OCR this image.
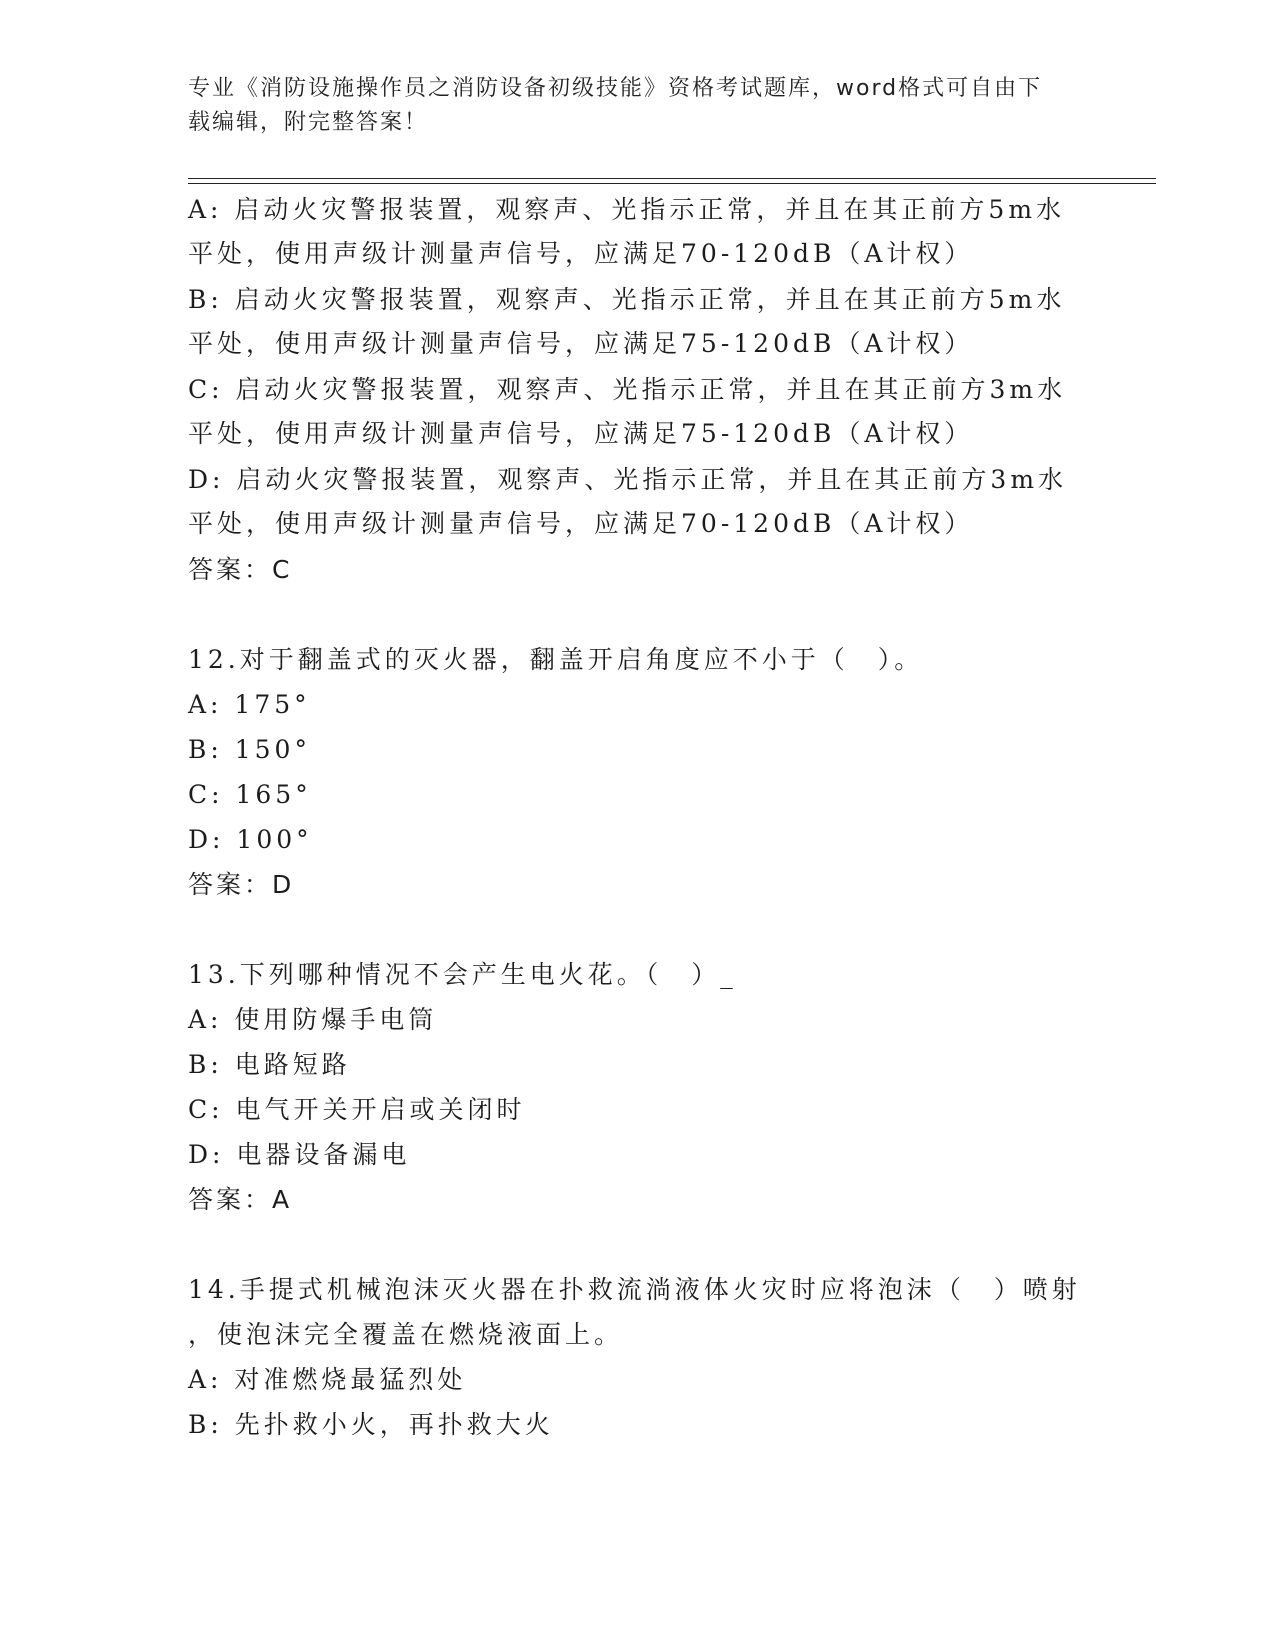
专业《消防设施操作员之消防设备初级技能》资格考试题库，word格式可自由下
载编辑，附完整答案！
A: 启动火灾警报装置，观察声、光指示正常，并且在其正前方5m水
平处，使用声级计测量声信号，应满足70-120dB（A计权）
B: 启动火灾警报装置，观察声、光指示正常，并且在其正前方5m水
平处，使用声级计测量声信号，应满足75-120dB（A计权）
C: 启动火灾警报装置，观察声、光指示正常，并且在其正前方3m水
平处，使用声级计测量声信号，应满足75-120dB（A计权）
D: 启动火灾警报装置，观察声、光指示正常，并且在其正前方3m水
平处，使用声级计测量声信号，应满足70-120dB（A计权）
答案：C
12.对于翻盖式的灭火器，翻盖开启角度应不小于（　）。
A: 175°
B: 150°
C: 165°
D: 100°
答案：D
13.下列哪种情况不会产生电火花。（　）_
A: 使用防爆手电筒
B: 电路短路
C: 电气开关开启或关闭时
D: 电器设备漏电
答案：A
14.手提式机械泡沫灭火器在扑救流淌液体火灾时应将泡沫（　）喷射
，使泡沫完全覆盖在燃烧液面上。
A: 对准燃烧最猛烈处
B: 先扑救小火，再扑救大火
